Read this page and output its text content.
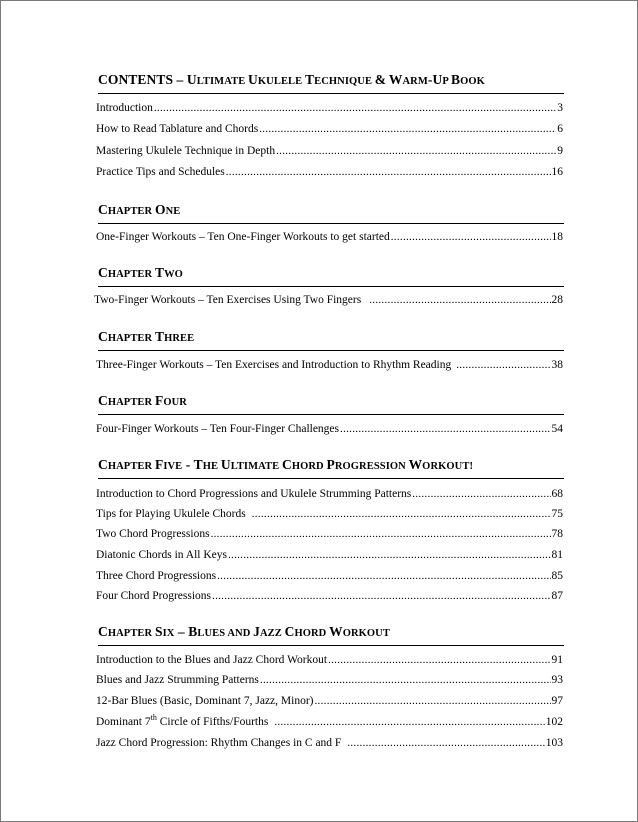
CONTENTS – ULTIMATE UKULELE TECHNIQUE & WARM-UP BOOK
Introduction .....	3
How to Read Tablature and Chords .....	6
Mastering Ukulele Technique in Depth .....	9
Practice Tips and Schedules .....	16
CHAPTER ONE
One-Finger Workouts – Ten One-Finger Workouts to get started .....	18
CHAPTER TWO
Two-Finger Workouts – Ten Exercises Using Two Fingers .....	28
CHAPTER THREE
Three-Finger Workouts – Ten Exercises and Introduction to Rhythm Reading .....	38
CHAPTER FOUR
Four-Finger Workouts – Ten Four-Finger Challenges .....	54
CHAPTER FIVE - THE ULTIMATE CHORD PROGRESSION WORKOUT!
Introduction to Chord Progressions and Ukulele Strumming Patterns .....	68
Tips for Playing Ukulele Chords .....	75
Two Chord Progressions .....	78
Diatonic Chords in All Keys .....	81
Three Chord Progressions .....	85
Four Chord Progressions .....	87
CHAPTER SIX – BLUES AND JAZZ CHORD WORKOUT
Introduction to the Blues and Jazz Chord Workout .....	91
Blues and Jazz Strumming Patterns .....	93
12-Bar Blues (Basic, Dominant 7, Jazz, Minor) .....	97
Dominant 7th Circle of Fifths/Fourths .....	102
Jazz Chord Progression: Rhythm Changes in C and F .....	103
